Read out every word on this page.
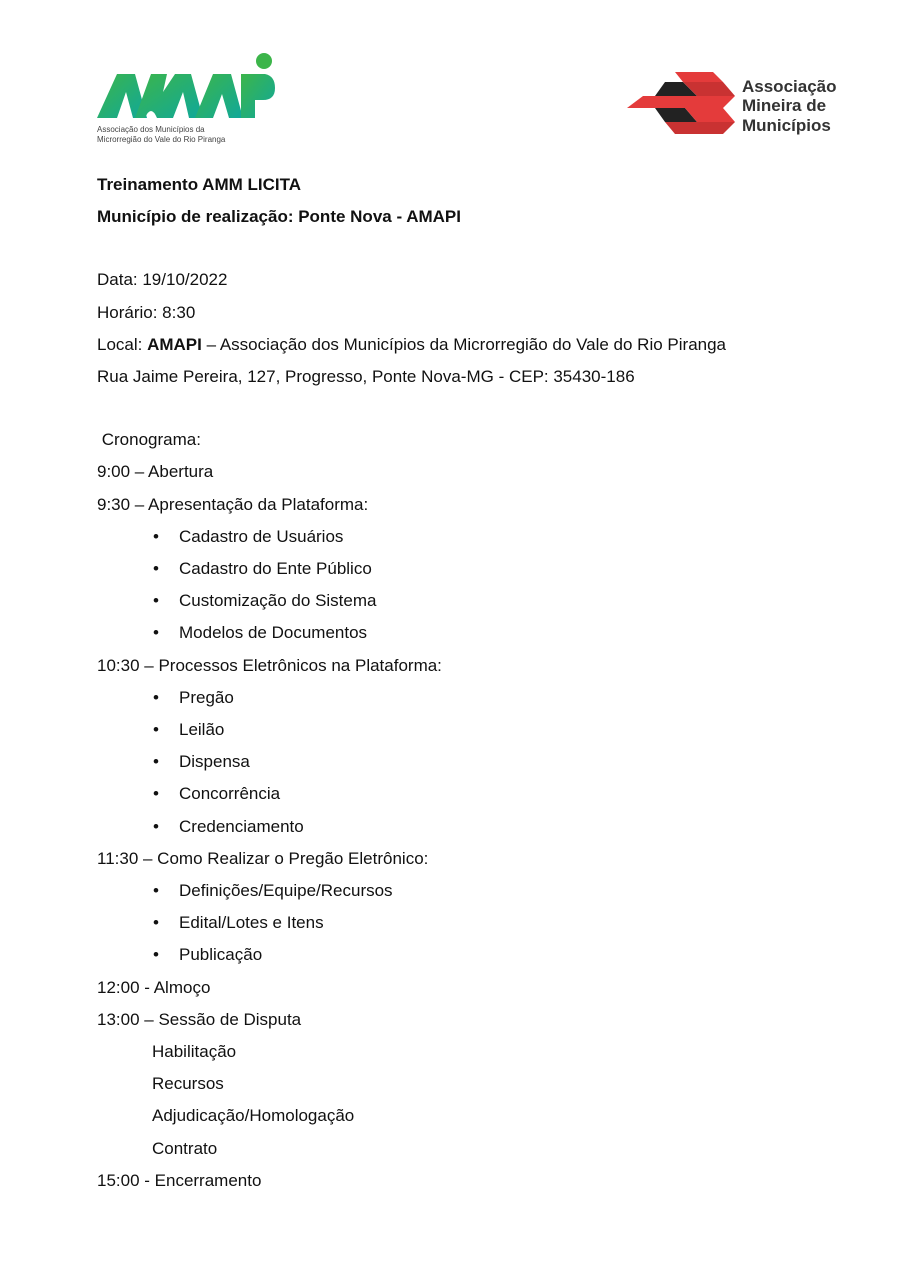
Associação dos Municípios da
Microrregião do Vale do Rio Piranga
Associação
Mineira de
Municípios
Treinamento AMM LICITA
Município de realização: Ponte Nova - AMAPI
Data: 19/10/2022
Horário: 8:30
Local: AMAPI – Associação dos Municípios da Microrregião do Vale do Rio Piranga
Rua Jaime Pereira, 127, Progresso, Ponte Nova-MG - CEP: 35430-186
Cronograma:
9:00 – Abertura
9:30 – Apresentação da Plataforma:
• Cadastro de Usuários
• Cadastro do Ente Público
• Customização do Sistema
• Modelos de Documentos
10:30 – Processos Eletrônicos na Plataforma:
• Pregão
• Leilão
• Dispensa
• Concorrência
• Credenciamento
11:30 – Como Realizar o Pregão Eletrônico:
• Definições/Equipe/Recursos
• Edital/Lotes e Itens
• Publicação
12:00 - Almoço
13:00 – Sessão de Disputa
Habilitação
Recursos
Adjudicação/Homologação
Contrato
15:00 - Encerramento
